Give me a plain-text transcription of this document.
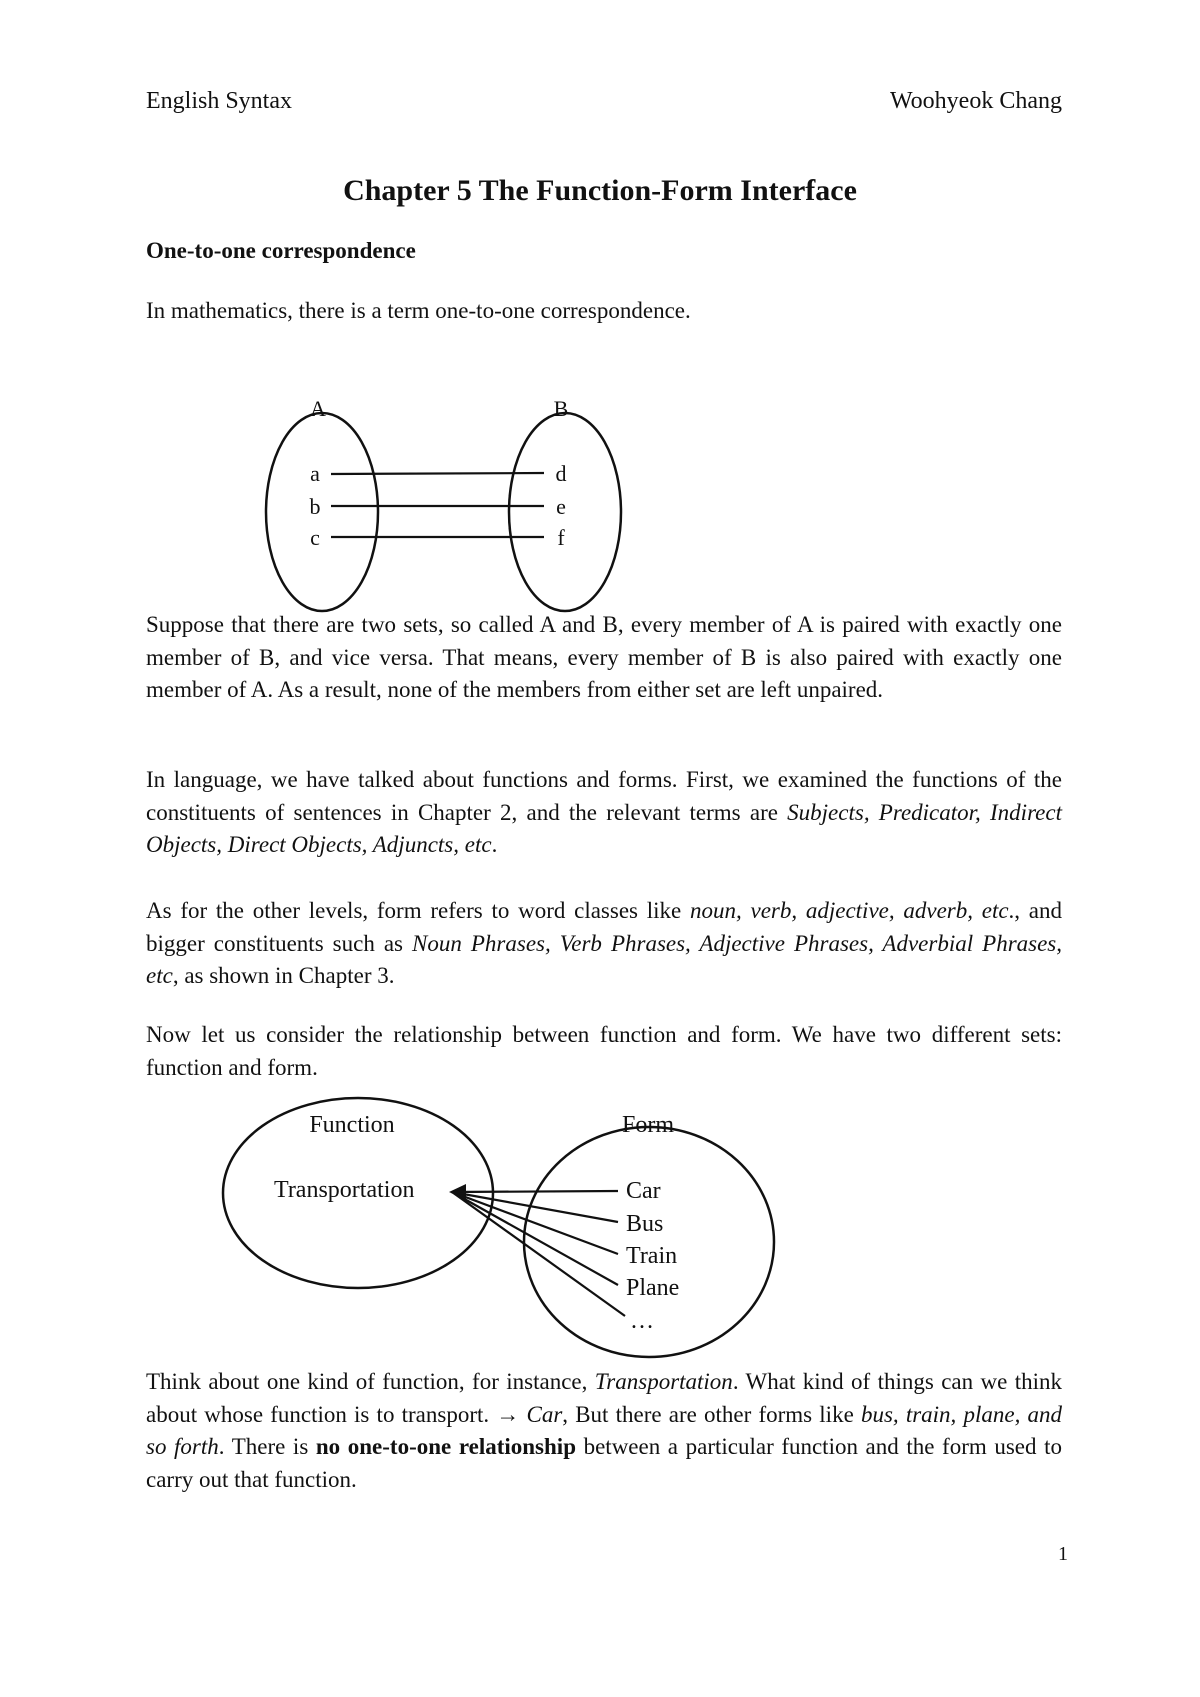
English Syntax	Woohyeok Chang
Chapter 5 The Function-Form Interface
One-to-one correspondence

In mathematics, there is a term one-to-one correspondence.

A	B
a
b
c
d
e
f

Suppose that there are two sets, so called A and B, every member of A is paired with exactly one member of B, and vice versa. That means, every member of B is also paired with exactly one member of A. As a result, none of the members from either set are left unpaired.

In language, we have talked about functions and forms. First, we examined the functions of the constituents of sentences in Chapter 2, and the relevant terms are Subjects, Predicator, Indirect Objects, Direct Objects, Adjuncts, etc.

As for the other levels, form refers to word classes like noun, verb, adjective, adverb, etc., and bigger constituents such as Noun Phrases, Verb Phrases, Adjective Phrases, Adverbial Phrases, etc, as shown in Chapter 3.

Now let us consider the relationship between function and form. We have two different sets: function and form.

Function	Form
Transportation	Car
Bus
Train
Plane
…

Think about one kind of function, for instance, Transportation. What kind of things can we think about whose function is to transport. → Car, But there are other forms like bus, train, plane, and so forth. There is no one-to-one relationship between a particular function and the form used to carry out that function.

1
